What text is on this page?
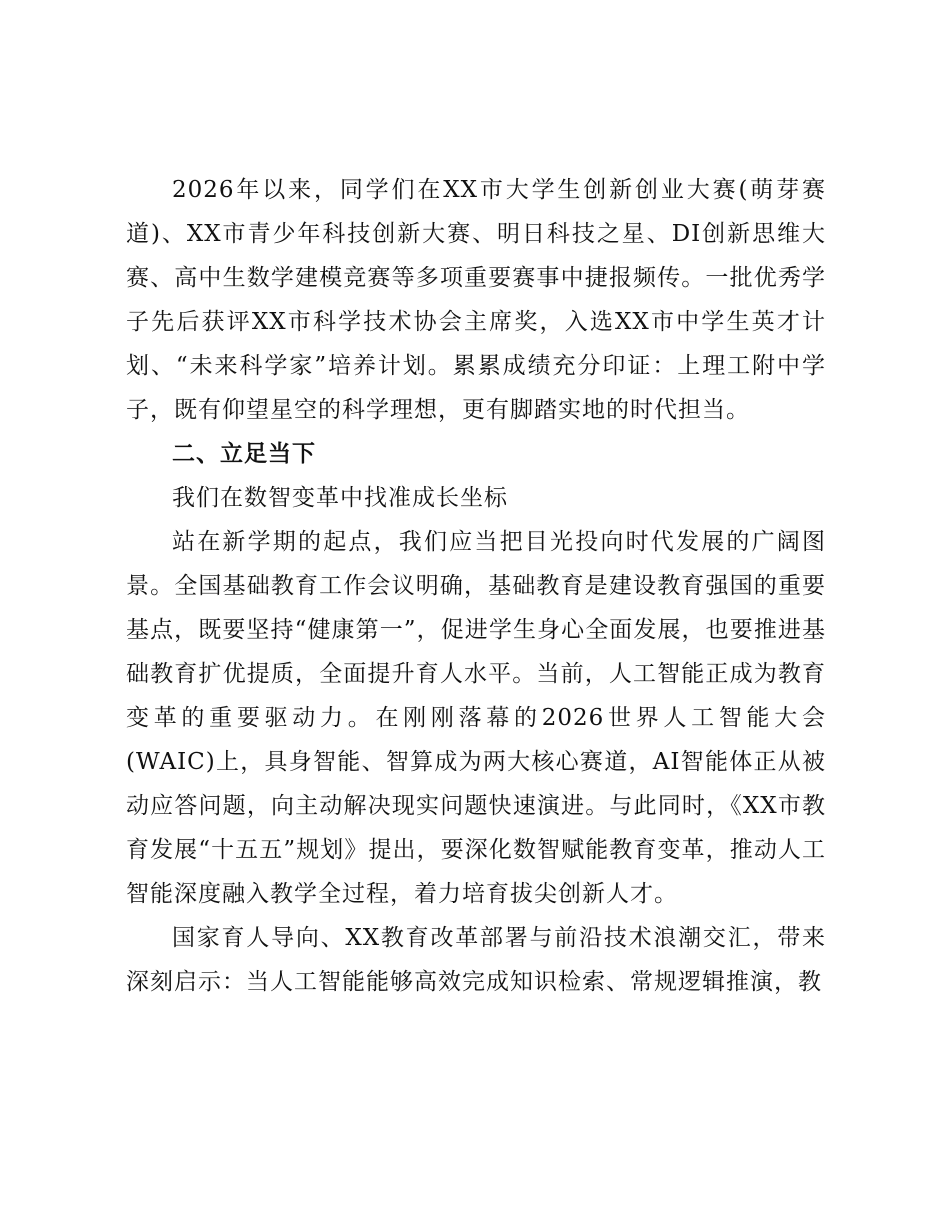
2026年以来，同学们在XX市大学生创新创业大赛(萌芽赛道)、XX市青少年科技创新大赛、明日科技之星、DI创新思维大赛、高中生数学建模竞赛等多项重要赛事中捷报频传。一批优秀学子先后获评XX市科学技术协会主席奖，入选XX市中学生英才计划、“未来科学家”培养计划。累累成绩充分印证：上理工附中学子，既有仰望星空的科学理想，更有脚踏实地的时代担当。

二、立足当下

我们在数智变革中找准成长坐标

站在新学期的起点，我们应当把目光投向时代发展的广阔图景。全国基础教育工作会议明确，基础教育是建设教育强国的重要基点，既要坚持“健康第一”，促进学生身心全面发展，也要推进基础教育扩优提质，全面提升育人水平。当前，人工智能正成为教育变革的重要驱动力。在刚刚落幕的2026世界人工智能大会(WAIC)上，具身智能、智算成为两大核心赛道，AI智能体正从被动应答问题，向主动解决现实问题快速演进。与此同时，《XX市教育发展“十五五”规划》提出，要深化数智赋能教育变革，推动人工智能深度融入教学全过程，着力培育拔尖创新人才。

国家育人导向、XX教育改革部署与前沿技术浪潮交汇，带来深刻启示：当人工智能能够高效完成知识检索、常规逻辑推演，教
